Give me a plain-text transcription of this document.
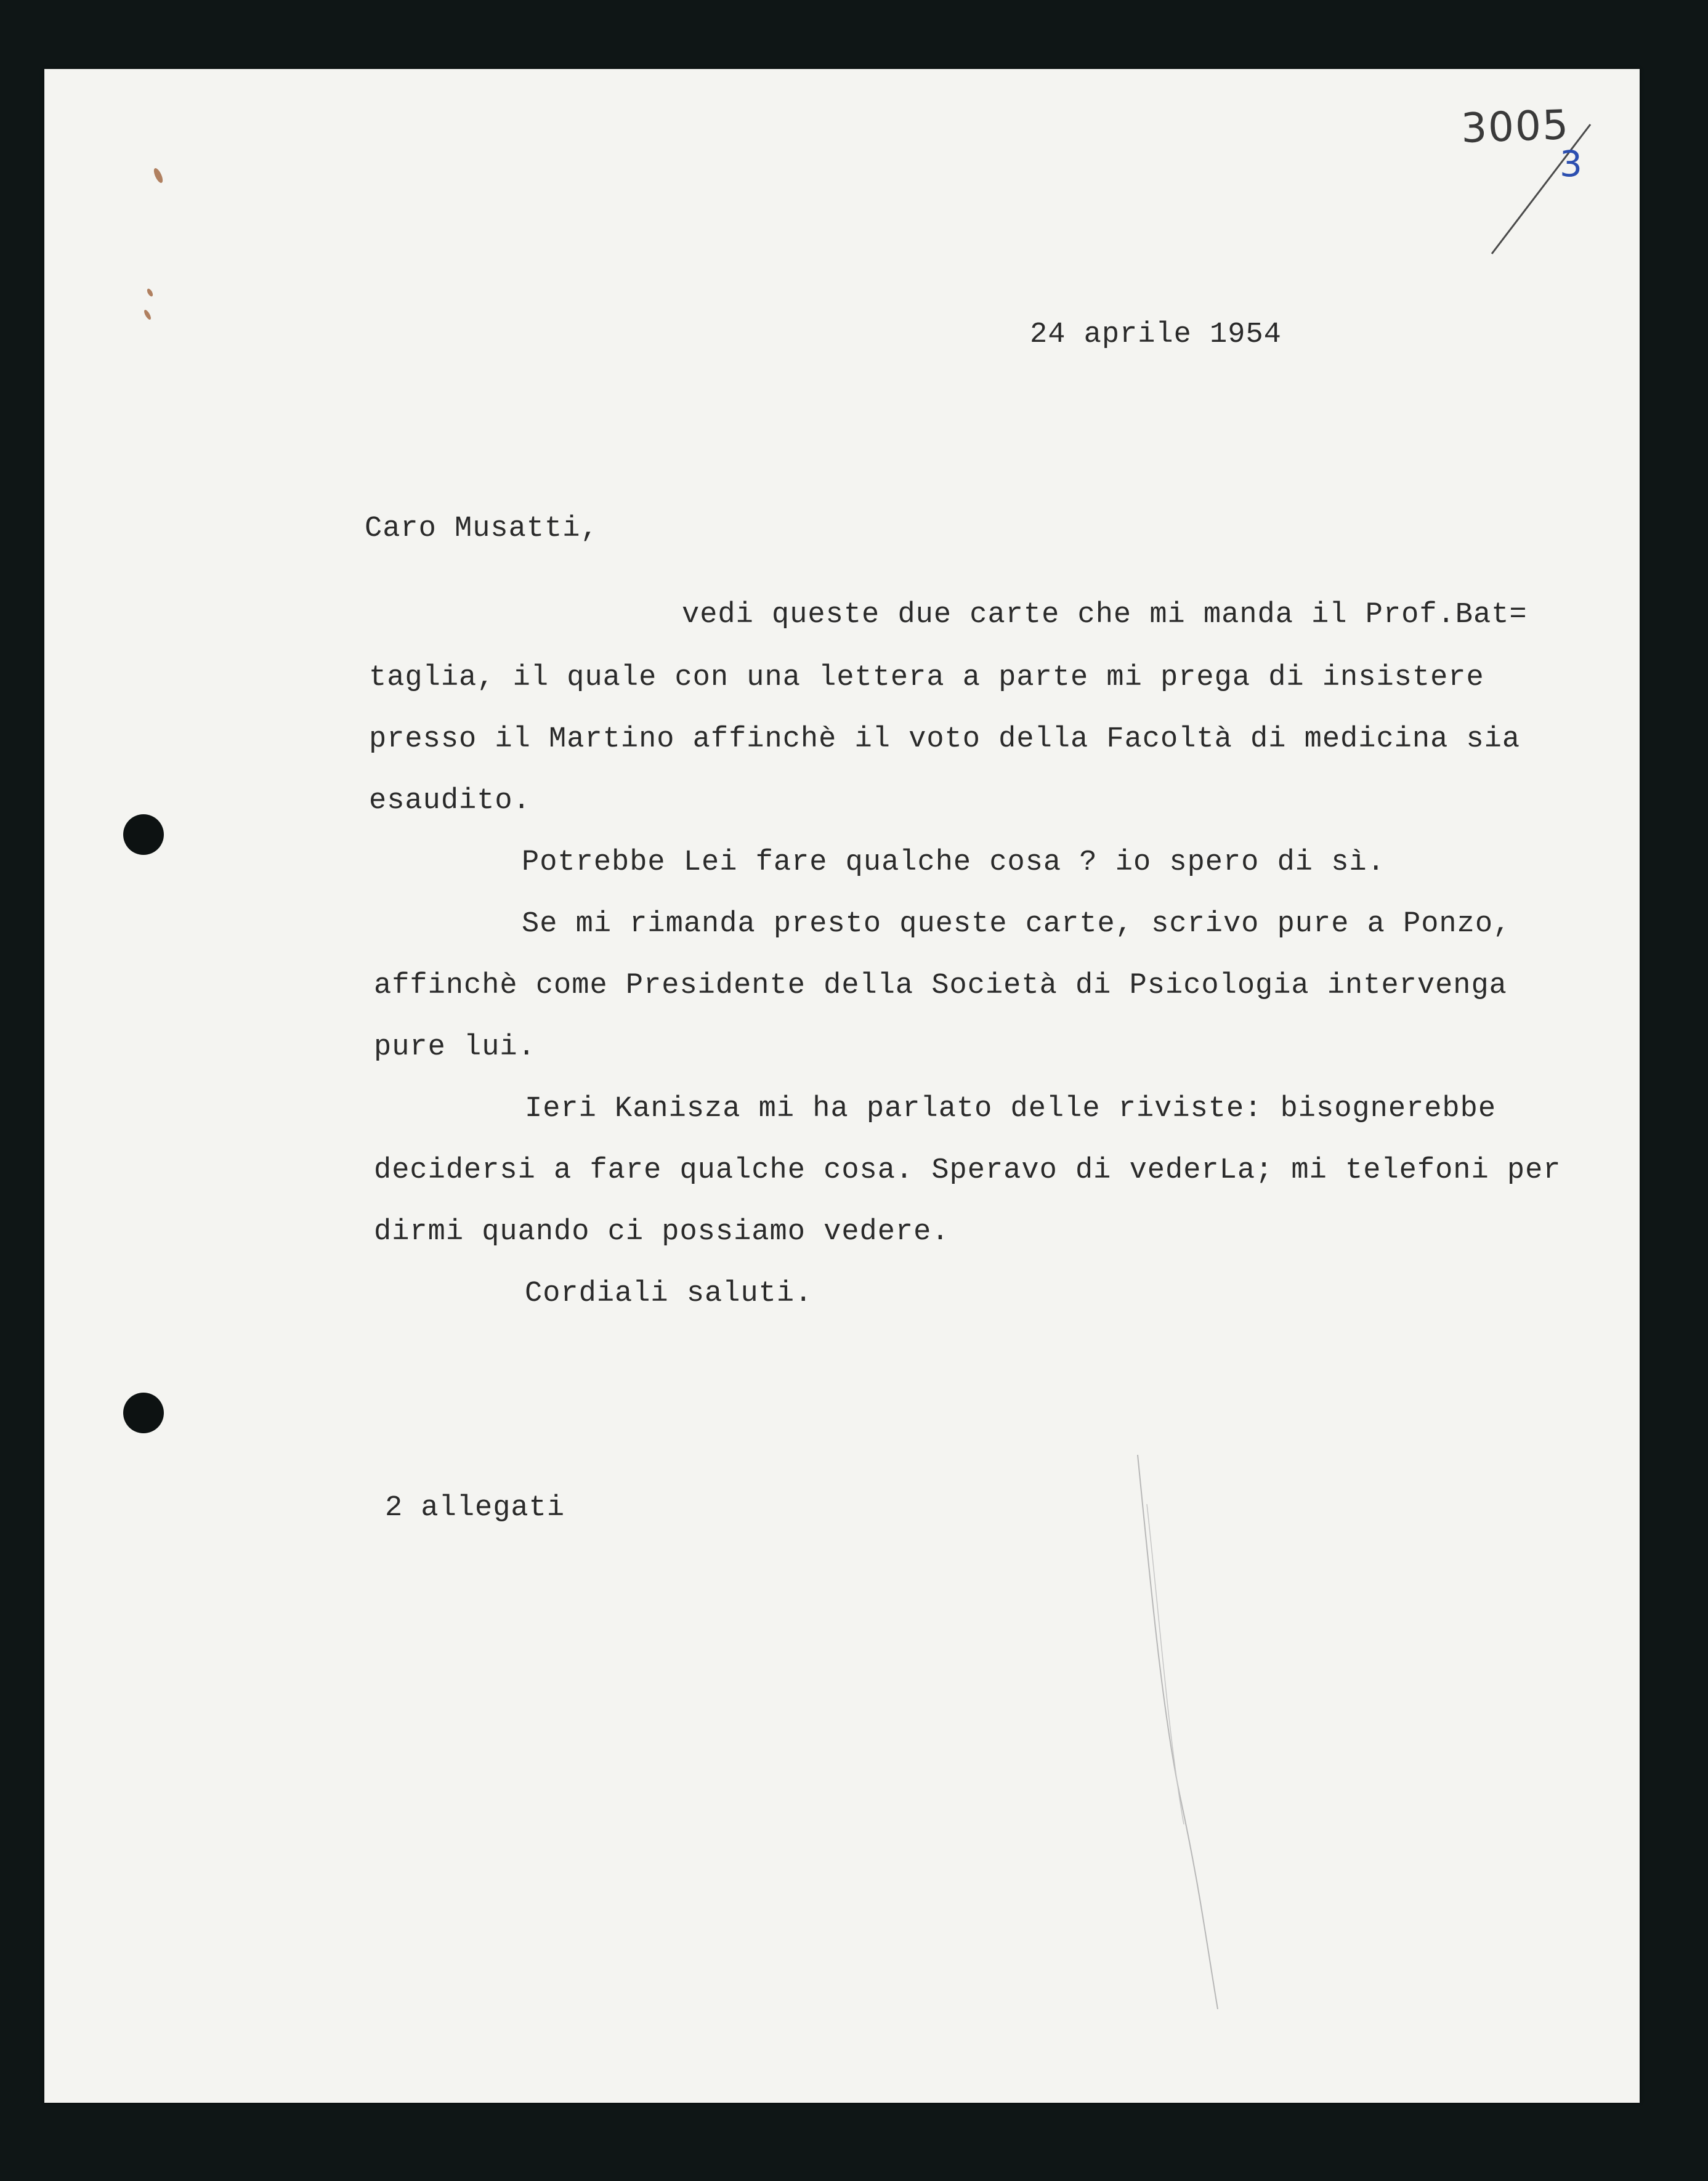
3005
3
24 aprile 1954
Caro Musatti,
vedi queste due carte che mi manda il Prof.Bat=
taglia, il quale con una lettera a parte mi prega di insistere
presso il Martino affinchè il voto della Facoltà di medicina sia
esaudito.
Potrebbe Lei fare qualche cosa ? io spero di sì.
Se mi rimanda presto queste carte, scrivo pure a Ponzo,
affinchè come Presidente della Società di Psicologia intervenga
pure lui.
Ieri Kanisza mi ha parlato delle riviste: bisognerebbe
decidersi a fare qualche cosa. Speravo di vederLa; mi telefoni per
dirmi quando ci possiamo vedere.
Cordiali saluti.
2 allegati
